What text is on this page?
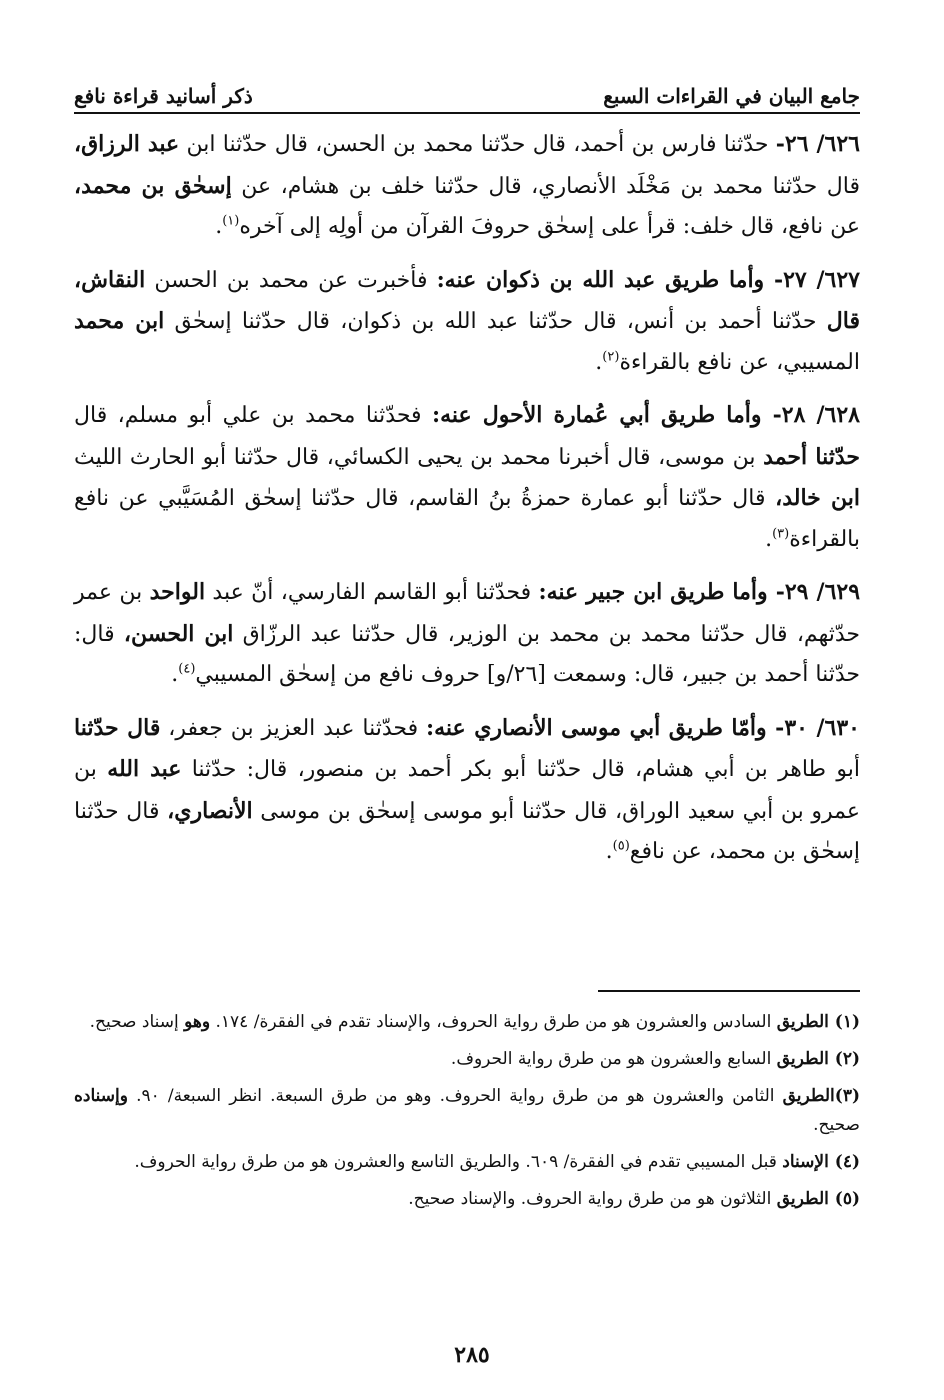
جامع البيان في القراءات السبع
ذكر أسانيد قراءة نافع

٦٢٦/ ٢٦- حدّثنا فارس بن أحمد، قال حدّثنا محمد بن الحسن، قال حدّثنا ابن عبد الرزاق، قال حدّثنا محمد بن مَخْلَد الأنصاري، قال حدّثنا خلف بن هشام، عن إسحٰق بن محمد، عن نافع، قال خلف: قرأ على إسحٰق حروفَ القرآن من أولِه إلى آخره$^{(١)}$.

٦٢٧/ ٢٧- وأما طريق عبد الله بن ذكوان عنه: فأخبرت عن محمد بن الحسن النقاش، قال حدّثنا أحمد بن أنس، قال حدّثنا عبد الله بن ذكوان، قال حدّثنا إسحٰق ابن محمد المسيبي، عن نافع بالقراءة$^{(٢)}$.

٦٢٨/ ٢٨- وأما طريق أبي عُمارة الأحول عنه: فحدّثنا محمد بن علي أبو مسلم، قال حدّثنا أحمد بن موسى، قال أخبرنا محمد بن يحيى الكسائي، قال حدّثنا أبو الحارث الليث ابن خالد، قال حدّثنا أبو عمارة حمزةُ بنُ القاسم، قال حدّثنا إسحٰق المُسَيَّبي عن نافع بالقراءة$^{(٣)}$.

٦٢٩/ ٢٩- وأما طريق ابن جبير عنه: فحدّثنا أبو القاسم الفارسي، أنّ عبد الواحد بن عمر حدّثهم، قال حدّثنا محمد بن محمد بن الوزير، قال حدّثنا عبد الرزّاق ابن الحسن، قال: حدّثنا أحمد بن جبير، قال: وسمعت [٢٦/و] حروف نافع من إسحٰق المسيبي$^{(٤)}$.

٦٣٠/ ٣٠- وأمّا طريق أبي موسى الأنصاري عنه: فحدّثنا عبد العزيز بن جعفر، قال حدّثنا أبو طاهر بن أبي هشام، قال حدّثنا أبو بكر أحمد بن منصور، قال: حدّثنا عبد الله بن عمرو بن أبي سعيد الوراق، قال حدّثنا أبو موسى إسحٰق بن موسى الأنصاري، قال حدّثنا إسحٰق بن محمد، عن نافع$^{(٥)}$.

(١) الطريق السادس والعشرون هو من طرق رواية الحروف، والإسناد تقدم في الفقرة/ ١٧٤. وهو إسناد صحيح.

(٢) الطريق السابع والعشرون هو من طرق رواية الحروف.

(٣)الطريق الثامن والعشرون هو من طرق رواية الحروف. وهو من طرق السبعة. انظر السبعة/ ٩٠. وإسناده صحيح.

(٤) الإسناد قبل المسيبي تقدم في الفقرة/ ٦٠٩. والطريق التاسع والعشرون هو من طرق رواية الحروف.

(٥) الطريق الثلاثون هو من طرق رواية الحروف. والإسناد صحيح.

٢٨٥
